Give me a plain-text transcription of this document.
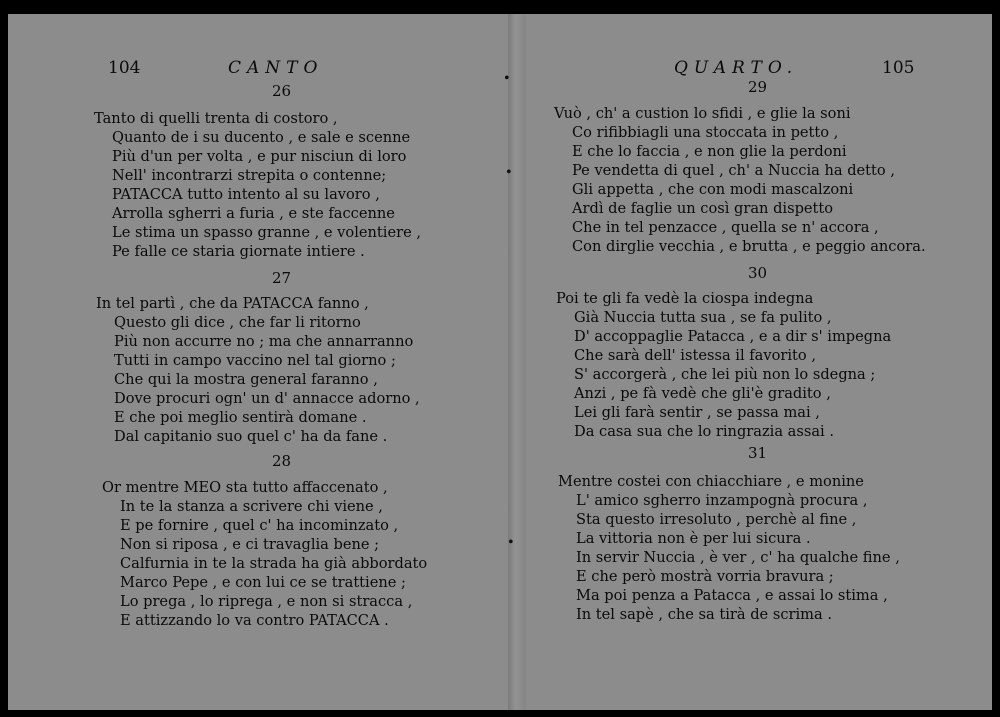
104	CANTO
26
Tanto di quelli trenta di costoro ,
Quanto de i su ducento , e sale e scenne
Più d'un per volta , e pur nisciun di loro
Nell' incontrarzi strepita o contenne;
PATACCA tutto intento al su lavoro ,
Arrolla sgherri a furia , e ste faccenne
Le stima un spasso granne , e volentiere ,
Pe falle ce staria giornate intiere .
27
In tel partì , che da PATACCA fanno ,
Questo gli dice , che far li ritorno
Più non accurre no ; ma che annarranno
Tutti in campo vaccino nel tal giorno ;
Che qui la mostra general faranno ,
Dove procuri ogn' un d' annacce adorno ,
E che poi meglio sentirà domane .
Dal capitanio suo quel c' ha da fane .
28
Or mentre MEO sta tutto affaccenato ,
In te la stanza a scrivere chi viene ,
E pe fornire , quel c' ha incominzato ,
Non si riposa , e ci travaglia bene ;
Calfurnia in te la strada ha già abbordato
Marco Pepe , e con lui ce se trattiene ;
Lo prega , lo riprega , e non si stracca ,
E attizzando lo va contro PATACCA .
•
•
•
QUARTO.	105
29
Vuò , ch' a custion lo sfidi , e glie la soni
Co rifibbiagli una stoccata in petto ,
E che lo faccia , e non glie la perdoni
Pe vendetta di quel , ch' a Nuccia ha detto ,
Gli appetta , che con modi mascalzoni
Ardì de faglie un così gran dispetto
Che in tel penzacce , quella se n' accora ,
Con dirglie vecchia , e brutta , e peggio ancora.
30
Poi te gli fa vedè la ciospa indegna
Già Nuccia tutta sua , se fa pulito ,
D' accoppaglie Patacca , e a dir s' impegna
Che sarà dell' istessa il favorito ,
S' accorgerà , che lei più non lo sdegna ;
Anzi , pe fà vedè che gli'è gradito ,
Lei gli farà sentir , se passa mai ,
Da casa sua che lo ringrazia assai .
31
Mentre costei con chiacchiare , e monine
L' amico sgherro inzampognà procura ,
Sta questo irresoluto , perchè al fine ,
La vittoria non è per lui sicura .
In servir Nuccia , è ver , c' ha qualche fine ,
E che però mostrà vorria bravura ;
Ma poi penza a Patacca , e assai lo stima ,
In tel sapè , che sa tirà de scrima .
